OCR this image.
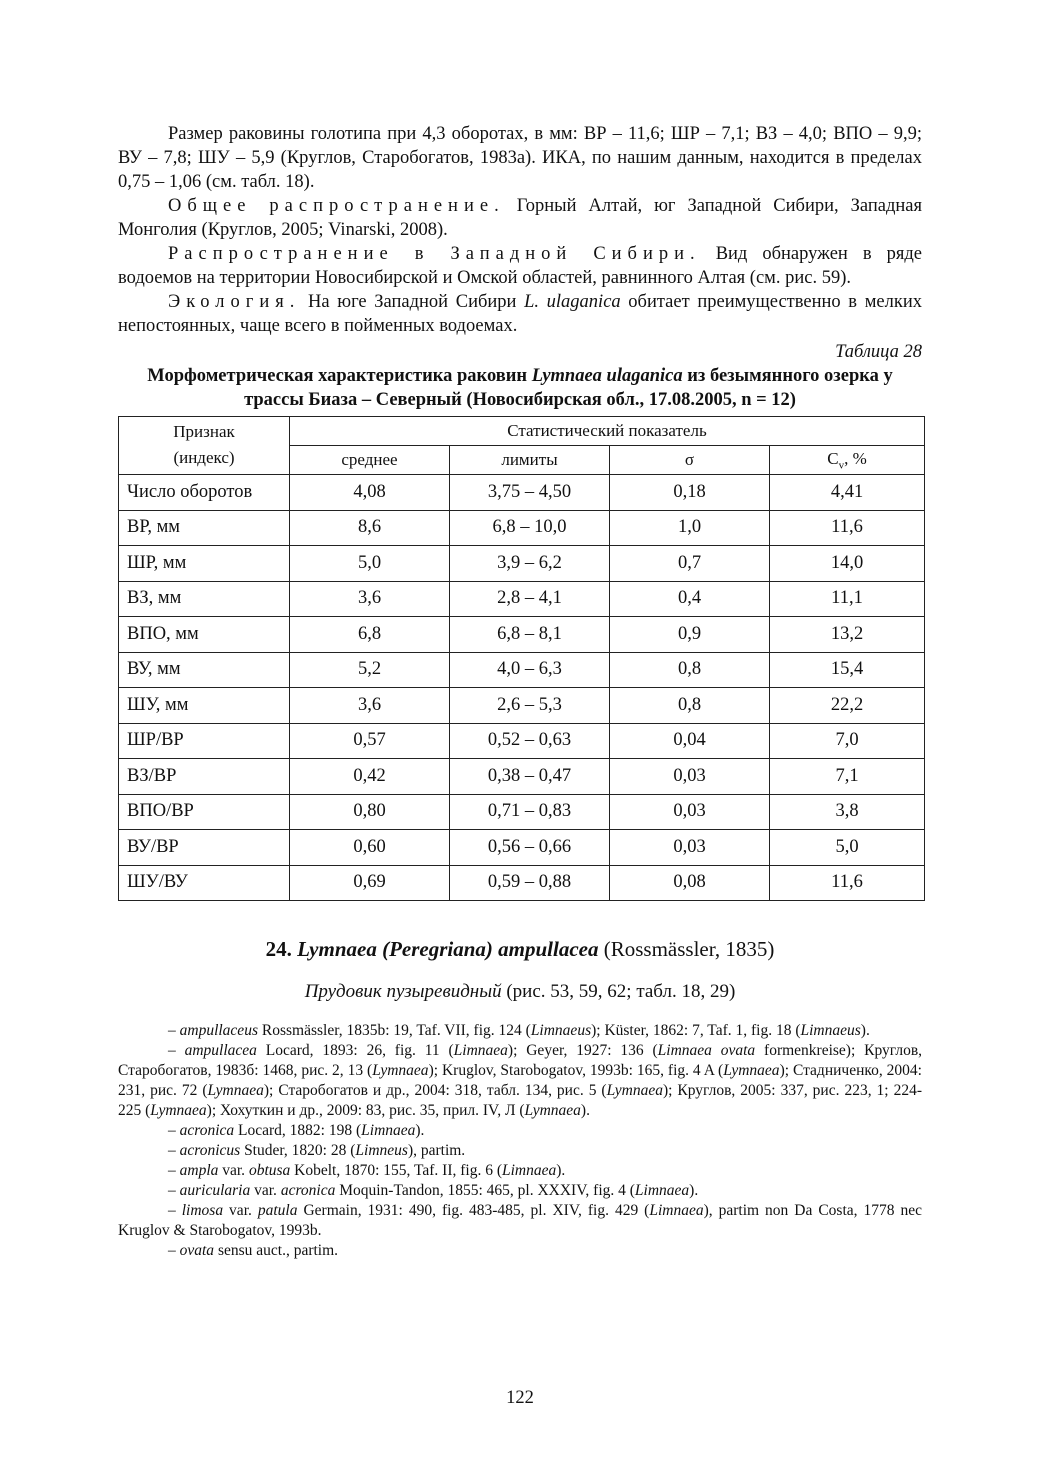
Размер раковины голотипа при 4,3 оборотах, в мм: ВР – 11,6; ШР – 7,1; ВЗ – 4,0; ВПО – 9,9; ВУ – 7,8; ШУ – 5,9 (Круглов, Старобогатов, 1983а). ИКА, по нашим данным, находится в пределах 0,75 – 1,06 (см. табл. 18).

Общее распространение. Горный Алтай, юг Западной Сибири, Западная Монголия (Круглов, 2005; Vinarski, 2008).

Распространение в Западной Сибири. Вид обнаружен в ряде водоемов на территории Новосибирской и Омской областей, равнинного Алтая (см. рис. 59).

Экология. На юге Западной Сибири L. ulaganica обитает преимущественно в мелких непостоянных, чаще всего в пойменных водоемах.

Таблица 28

Морфометрическая характеристика раковин Lymnaea ulaganica из безымянного озерка у трассы Биаза – Северный (Новосибирская обл., 17.08.2005, n = 12)

Признак
(индекс)	Статистический показатель			
	среднее	лимиты	σ	$C_v$, %
Число оборотов	4,08	3,75 – 4,50	0,18	4,41
ВР, мм	8,6	6,8 – 10,0	1,0	11,6
ШР, мм	5,0	3,9 – 6,2	0,7	14,0
ВЗ, мм	3,6	2,8 – 4,1	0,4	11,1
ВПО, мм	6,8	6,8 – 8,1	0,9	13,2
ВУ, мм	5,2	4,0 – 6,3	0,8	15,4
ШУ, мм	3,6	2,6 – 5,3	0,8	22,2
ШР/ВР	0,57	0,52 – 0,63	0,04	7,0
ВЗ/ВР	0,42	0,38 – 0,47	0,03	7,1
ВПО/ВР	0,80	0,71 – 0,83	0,03	3,8
ВУ/ВР	0,60	0,56 – 0,66	0,03	5,0
ШУ/ВУ	0,69	0,59 – 0,88	0,08	11,6

24. Lymnaea (Peregriana) ampullacea (Rossmässler, 1835)

Прудовик пузыревидный (рис. 53, 59, 62; табл. 18, 29)

– ampullaceus Rossmässler, 1835b: 19, Taf. VII, fig. 124 (Limnaeus); Küster, 1862: 7, Taf. 1, fig. 18 (Limnaeus).

– ampullacea Locard, 1893: 26, fig. 11 (Limnaea); Geyer, 1927: 136 (Limnaea ovata formenkreise); Круглов, Старобогатов, 1983б: 1468, рис. 2, 13 (Lymnaea); Kruglov, Starobogatov, 1993b: 165, fig. 4 A (Lymnaea); Стадниченко, 2004: 231, рис. 72 (Lymnaea); Старобогатов и др., 2004: 318, табл. 134, рис. 5 (Lymnaea); Круглов, 2005: 337, рис. 223, 1; 224-225 (Lymnaea); Хохуткин и др., 2009: 83, рис. 35, прил. IV, Л (Lymnaea).

– acronica Locard, 1882: 198 (Limnaea).

– acronicus Studer, 1820: 28 (Limneus), partim.

– ampla var. obtusa Kobelt, 1870: 155, Taf. II, fig. 6 (Limnaea).

– auricularia var. acronica Moquin-Tandon, 1855: 465, pl. XXXIV, fig. 4 (Limnaea).

– limosa var. patula Germain, 1931: 490, fig. 483-485, pl. XIV, fig. 429 (Limnaea), partim non Da Costa, 1778 nec Kruglov & Starobogatov, 1993b.

– ovata sensu auct., partim.

122
